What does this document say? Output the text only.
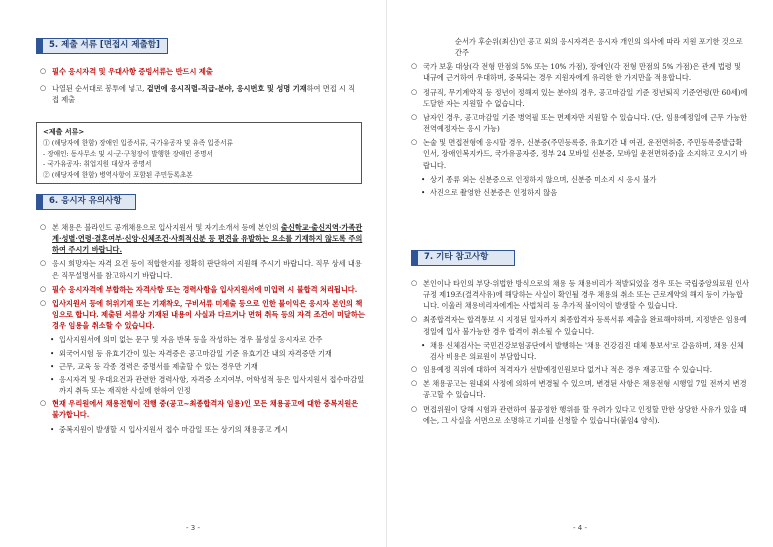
5. 제출 서류 [면접시 제출함]
○ 필수 응시자격 및 우대사항 증빙서류는 반드시 제출
○ 나열된 순서대로 봉투에 넣고, 겉면에 응시직렬-직급-분야, 응시번호 및 성명 기재하여 면접 시 직접 제출
<제출 서류>
① (해당자에 한함) 장애인 입증서류, 국가유공자 및 유족 입증서류
- 장애인: 동사무소 및 시·군·구청장이 발행한 장애인 증명서
- 국가유공자: 취업지원 대상자 증명서
② (해당자에 한함) 병역사항이 포함된 주민등록초본
6. 응시자 유의사항
○ 본 채용은 블라인드 공개채용으로 입사지원서 및 자기소개서 등에 본인의 출신학교·출신지역·가족관계·성별·연령·결혼여부·신앙·신체조건·사회적신분 등 편견을 유발하는 요소를 기재하지 않도록 주의하여 주시기 바랍니다.
○ 응시 희망자는 자격 요건 등이 적합한지를 정확히 판단하여 지원해 주시기 바랍니다. 직무 상세 내용은 직무설명서를 참고하시기 바랍니다.
○ 필수 응시자격에 부합하는 자격사항 또는 경력사항을 입사지원서에 미입력 시 불합격 처리됩니다.
○ 입사지원서 등에 허위기재 또는 기재착오, 구비서류 미제출 등으로 인한 불이익은 응시자 본인의 책임으로 합니다. 제출된 서류상 기재된 내용이 사실과 다르거나 면허 취득 등의 자격 조건이 미달하는 경우 임용을 취소할 수 있습니다.
• 입사지원서에 의미 없는 문구 및 자음 반복 등을 작성하는 경우 불성실 응시자로 간주
• 외국어시험 등 유효기간이 있는 자격증은 공고마감일 기준 유효기간 내의 자격증만 기재
• 근무, 교육 등 각종 경력은 증명서를 제출할 수 있는 경우만 기재
• 응시자격 및 우대요건과 관련한 경력사항, 자격증 소지여부, 어학성적 등은 입사지원서 접수마감일까지 취득 또는 재직한 사실에 한하여 인정
○ 현재 우리원에서 채용전형이 진행 중(공고~최종합격자 임용)인 모든 채용공고에 대한 중복지원은 불가합니다.
• 중복지원이 발생할 시 입사지원서 접수 마감일 또는 상기의 채용공고 게시
- 3 -
순서가 후순위(최신)인 공고 외의 응시자격은 응시자 개인의 의사에 따라 지원 포기한 것으로 간주
○ 국가 보훈 대상(각 전형 만점의 5% 또는 10% 가점), 장애인(각 전형 만점의 5% 가점)은 관계 법령 및 내규에 근거하여 우대하며, 중복되는 경우 지원자에게 유리한 한 가지만을 적용합니다.
○ 정규직, 무기계약직 등 정년이 정해져 있는 분야의 경우, 공고마감일 기준 정년퇴직 기준연령(만 60세)에 도달한 자는 지원할 수 없습니다.
○ 남자인 경우, 공고마감일 기준 병역필 또는 면제자만 지원할 수 있습니다. (단, 임용예정일에 근무 가능한 전역예정자는 응시 가능)
○ 논술 및 면접전형에 응시할 경우, 신분증(주민등록증, 유효기간 내 여권, 운전면허증, 주민등록증발급확인서, 장애인복지카드, 국가유공자증, 정부 24 모바일 신분증, 모바일 운전면허증)을 소지하고 오시기 바랍니다.
• 상기 종류 외는 신분증으로 인정하지 않으며, 신분증 미소지 시 응시 불가
• 사진으로 촬영한 신분증은 인정하지 않음
7. 기타 참고사항
○ 본인이나 타인의 부당·위법한 방식으로의 채용 등 채용비리가 적발되었을 경우 또는 국립중앙의료원 인사규정 제19조(결격사유)에 해당하는 사실이 확인될 경우 채용의 취소 또는 근로계약의 해지 등이 가능합니다. 이울러 채용비리자에게는 사법처리 등 추가적 불이익이 발생할 수 있습니다.
○ 최종합격자는 합격통보 시 지정된 일자까지 최종합격자 등록서류 제출을 완료해야하며, 지정받은 임용예정일에 입사 불가능한 경우 합격이 취소될 수 있습니다.
• 채용 신체검사는 국민건강보험공단에서 발행하는 '채용 건강검진 대체 통보서'로 갈음하며, 채용 신체검사 비용은 의료원이 부담합니다.
○ 임용예정 직위에 대하여 적격자가 선발예정인원보다 없거나 적은 경우 재공고할 수 있습니다.
○ 본 채용공고는 원내외 사정에 의하여 변경될 수 있으며, 변경된 사항은 채용전형 시행일 7일 전까지 변경 공고할 수 있습니다.
○ 면접위원이 당해 시험과 관련하여 불공정한 행위를 할 우려가 있다고 인정할 만한 상당한 사유가 있을 때에는, 그 사실을 서면으로 소명하고 기피를 신청할 수 있습니다(붙임4 양식).
- 4 -
